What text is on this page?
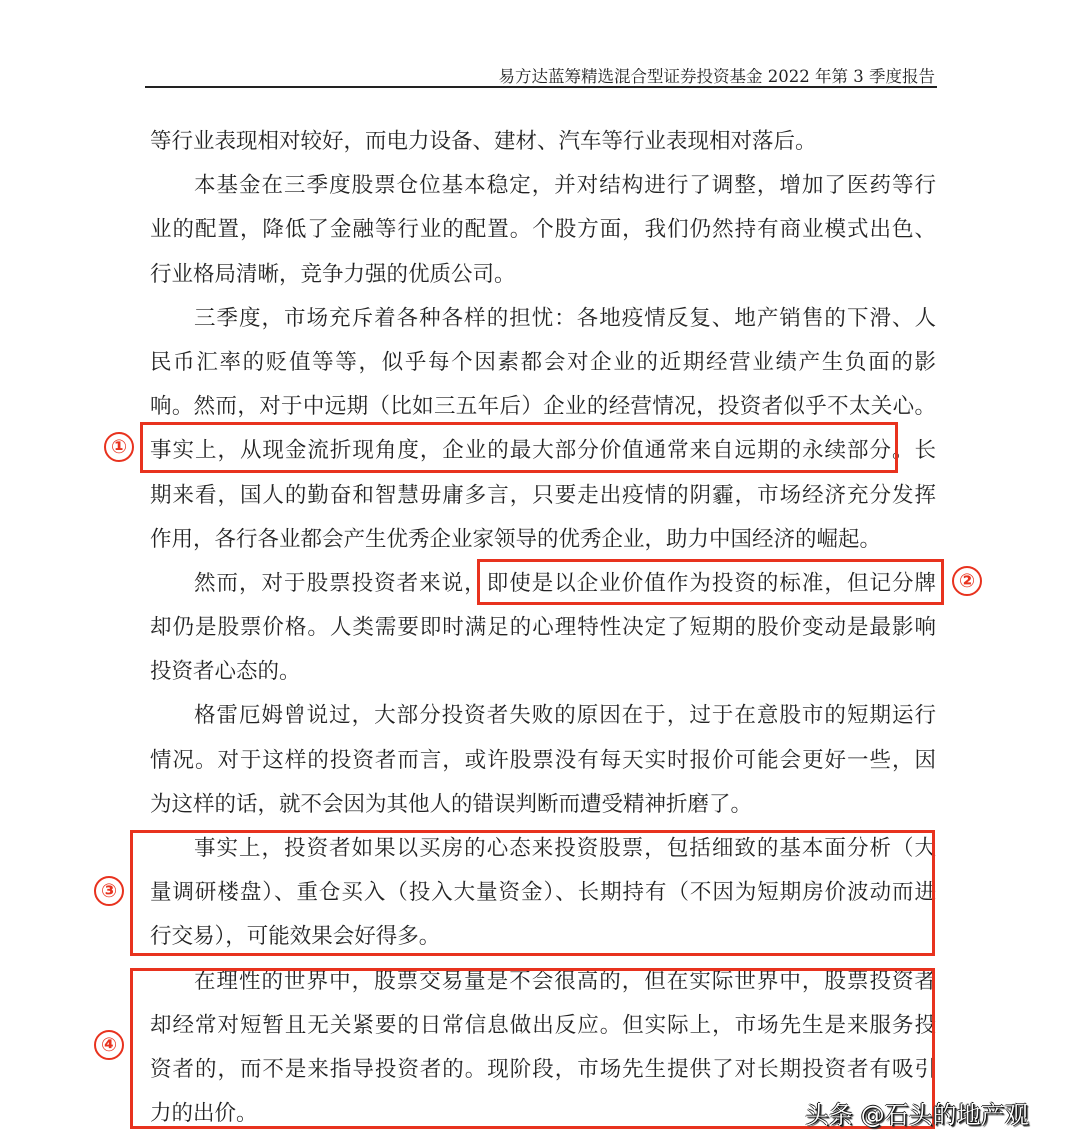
易方达蓝筹精选混合型证券投资基金 2022 年第 3 季度报告
等行业表现相对较好，而电力设备、建材、汽车等行业表现相对落后。
本基金在三季度股票仓位基本稳定，并对结构进行了调整，增加了医药等行
业的配置，降低了金融等行业的配置。个股方面，我们仍然持有商业模式出色、
行业格局清晰，竞争力强的优质公司。
三季度，市场充斥着各种各样的担忧：各地疫情反复、地产销售的下滑、人
民币汇率的贬值等等，似乎每个因素都会对企业的近期经营业绩产生负面的影
响。然而，对于中远期（比如三五年后）企业的经营情况，投资者似乎不太关心。
事实上，从现金流折现角度，企业的最大部分价值通常来自远期的永续部分。长
期来看，国人的勤奋和智慧毋庸多言，只要走出疫情的阴霾，市场经济充分发挥
作用，各行各业都会产生优秀企业家领导的优秀企业，助力中国经济的崛起。
然而，对于股票投资者来说，即使是以企业价值作为投资的标准，但记分牌
却仍是股票价格。人类需要即时满足的心理特性决定了短期的股价变动是最影响
投资者心态的。
格雷厄姆曾说过，大部分投资者失败的原因在于，过于在意股市的短期运行
情况。对于这样的投资者而言，或许股票没有每天实时报价可能会更好一些，因
为这样的话，就不会因为其他人的错误判断而遭受精神折磨了。
事实上，投资者如果以买房的心态来投资股票，包括细致的基本面分析（大
量调研楼盘）、重仓买入（投入大量资金）、长期持有（不因为短期房价波动而进
行交易），可能效果会好得多。
在理性的世界中，股票交易量是不会很高的，但在实际世界中，股票投资者
却经常对短暂且无关紧要的日常信息做出反应。但实际上，市场先生是来服务投
资者的，而不是来指导投资者的。现阶段，市场先生提供了对长期投资者有吸引
力的出价。
①
②
③
④
头条 @石头的地产观
